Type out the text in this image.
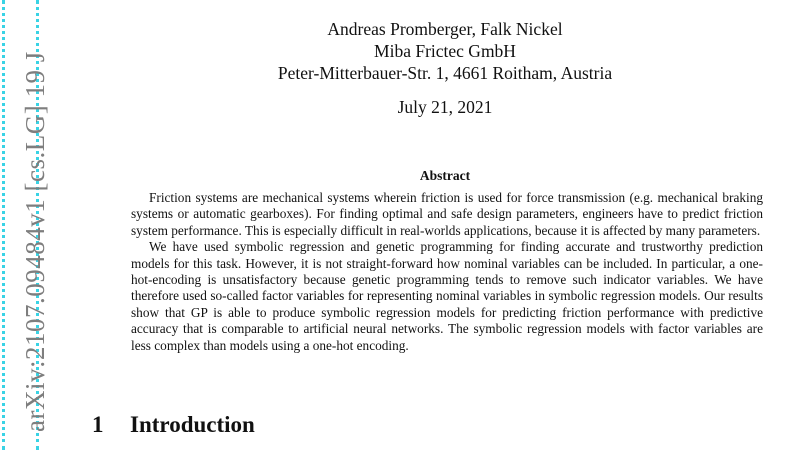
arXiv:2107.09484v1 [cs.LG] 19 J
Andreas Promberger, Falk Nickel
Miba Frictec GmbH
Peter-Mitterbauer-Str. 1, 4661 Roitham, Austria
July 21, 2021
Abstract

Friction systems are mechanical systems wherein friction is used for force transmission (e.g. mechanical braking systems or automatic gearboxes). For finding optimal and safe design parameters, engineers have to predict friction system performance. This is especially difficult in real-worlds applications, because it is affected by many parameters.

We have used symbolic regression and genetic programming for finding accurate and trustworthy prediction models for this task. However, it is not straight-forward how nominal variables can be included. In particular, a one-hot-encoding is unsatisfactory because genetic programming tends to remove such indicator variables. We have therefore used so-called factor variables for representing nominal variables in symbolic regression models. Our results show that GP is able to produce symbolic regression models for predicting friction performance with predictive accuracy that is comparable to artificial neural networks. The symbolic regression models with factor variables are less complex than models using a one-hot encoding.

1 Introduction
